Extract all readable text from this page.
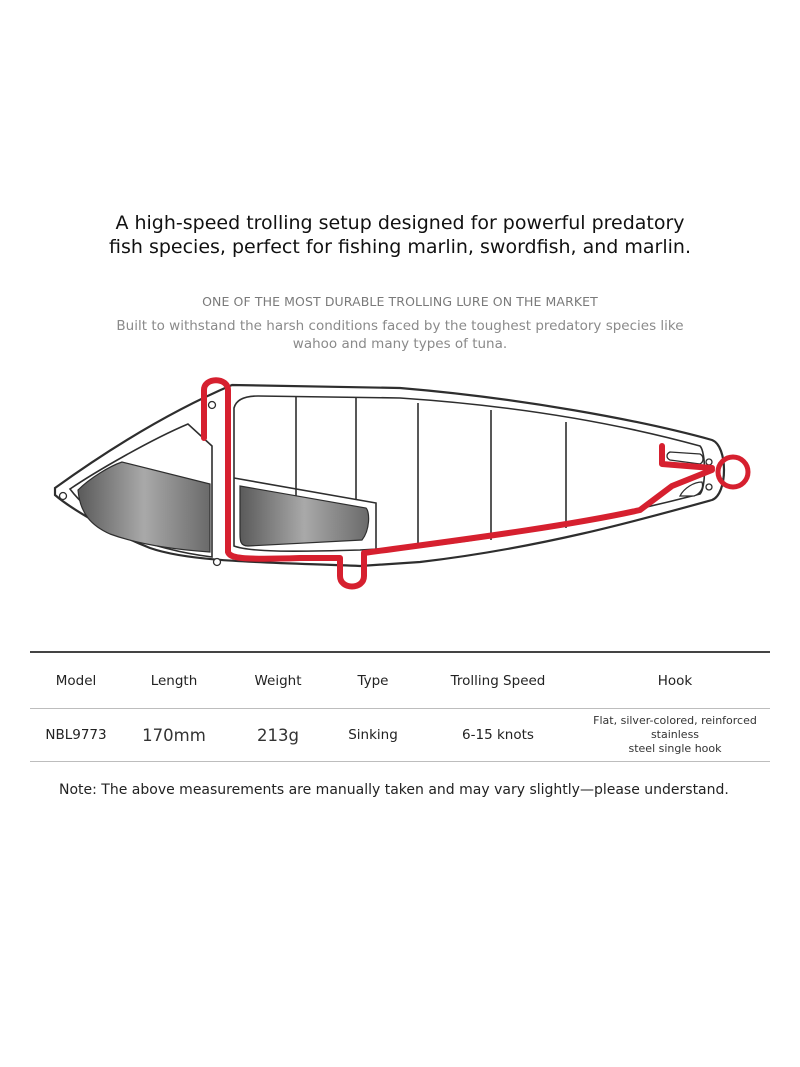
A high-speed trolling setup designed for powerful predatory
fish species, perfect for fishing marlin, swordfish, and marlin.
ONE OF THE MOST DURABLE TROLLING LURE ON THE MARKET
Built to withstand the harsh conditions faced by the toughest predatory species like
wahoo and many types of tuna.
Model	Length	Weight	Type	Trolling Speed	Hook
NBL9773	170mm	213g	Sinking	6-15 knots	Flat, silver-colored, reinforced stainless
steel single hook
Note: The above measurements are manually taken and may vary slightly—please understand.
